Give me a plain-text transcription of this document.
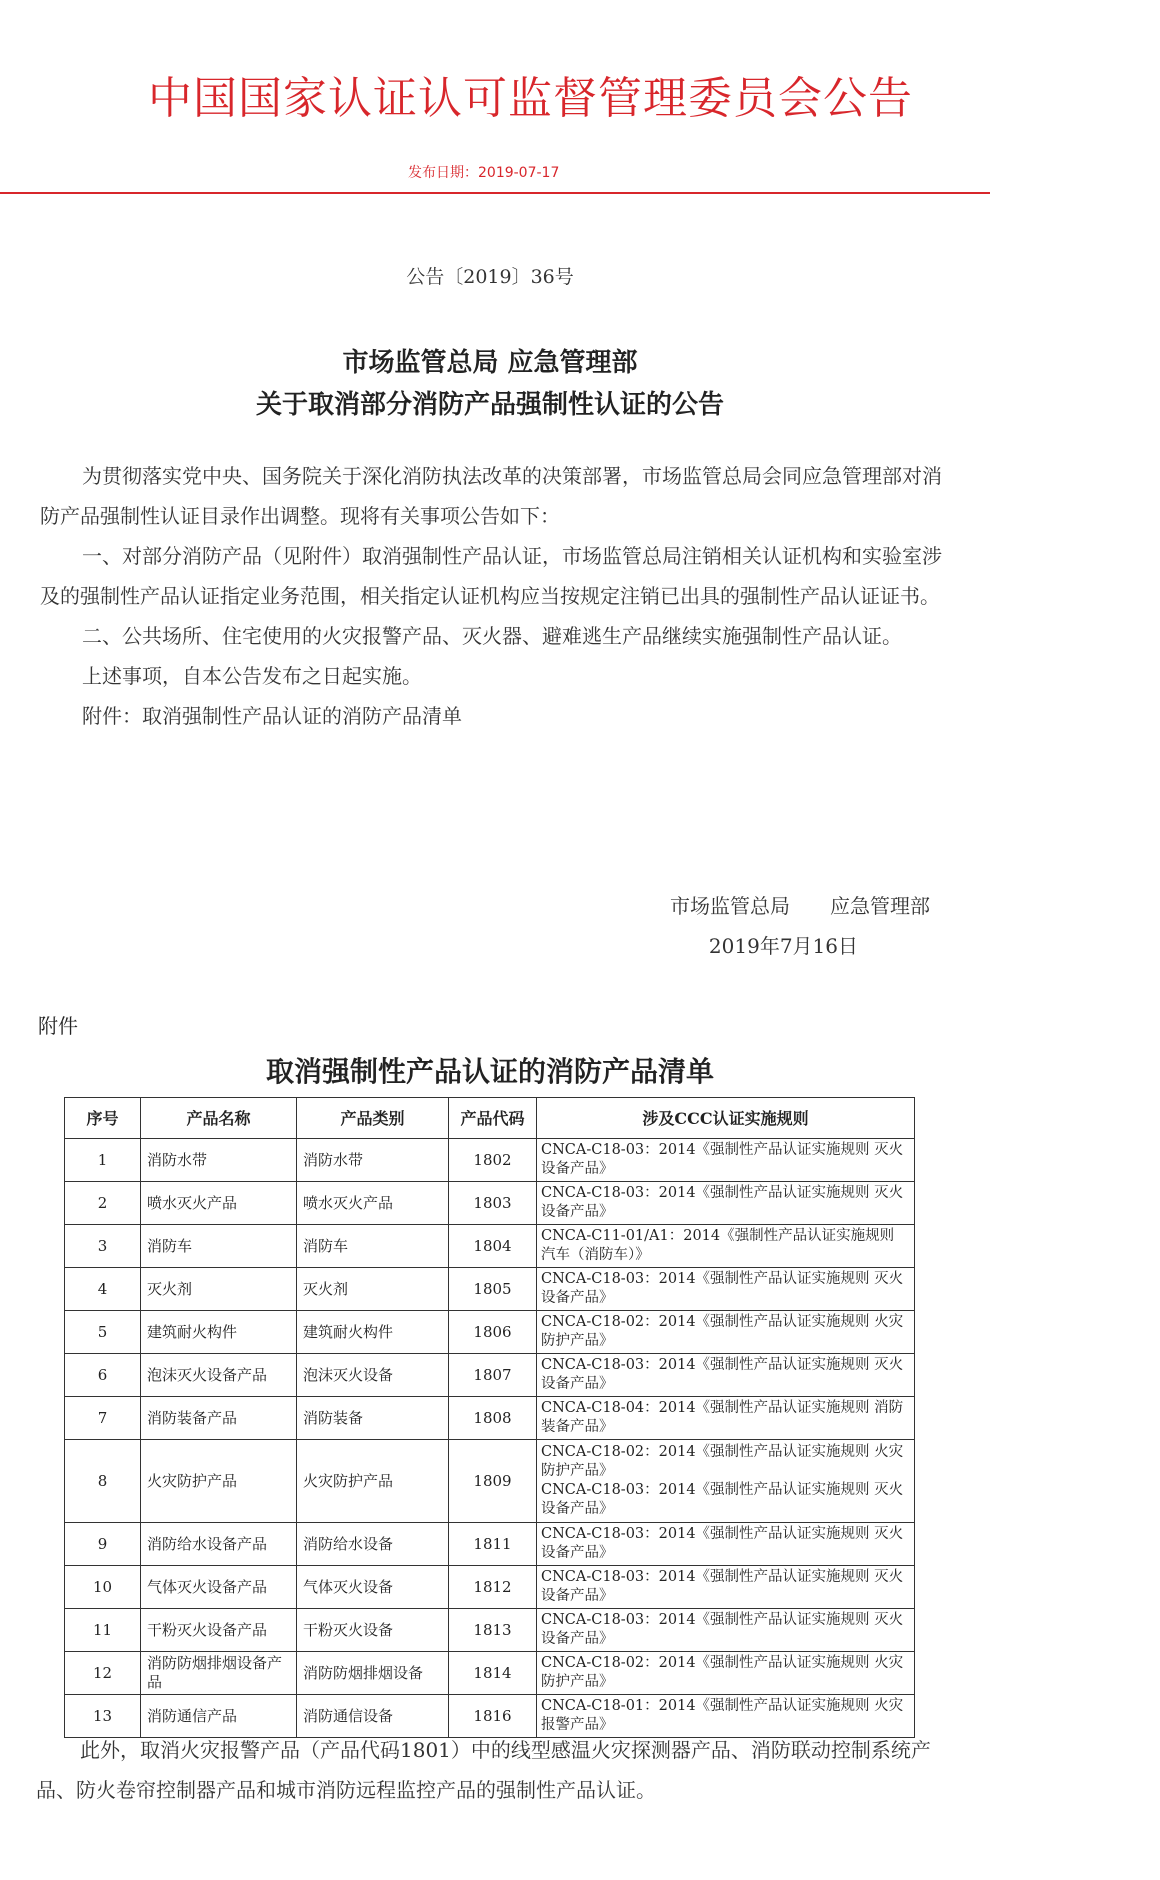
中国国家认证认可监督管理委员会公告
发布日期：2019-07-17
公告〔2019〕36号
市场监管总局 应急管理部
关于取消部分消防产品强制性认证的公告

为贯彻落实党中央、国务院关于深化消防执法改革的决策部署，市场监管总局会同应急管理部对消防产品强制性认证目录作出调整。现将有关事项公告如下：

一、对部分消防产品（见附件）取消强制性产品认证，市场监管总局注销相关认证机构和实验室涉及的强制性产品认证指定业务范围，相关指定认证机构应当按规定注销已出具的强制性产品认证证书。

二、公共场所、住宅使用的火灾报警产品、灭火器、避难逃生产品继续实施强制性产品认证。

上述事项，自本公告发布之日起实施。

附件：取消强制性产品认证的消防产品清单

市场监管总局　　应急管理部
2019年7月16日
附件
取消强制性产品认证的消防产品清单
序号	产品名称	产品类别	产品代码	涉及CCC认证实施规则
1	消防水带	消防水带	1802	CNCA-C18-03：2014《强制性产品认证实施规则 灭火设备产品》

2	喷水灭火产品	喷水灭火产品	1803	CNCA-C18-03：2014《强制性产品认证实施规则 灭火设备产品》

3	消防车	消防车	1804	CNCA-C11-01/A1：2014《强制性产品认证实施规则 汽车（消防车）》

4	灭火剂	灭火剂	1805	CNCA-C18-03：2014《强制性产品认证实施规则 灭火设备产品》

5	建筑耐火构件	建筑耐火构件	1806	CNCA-C18-02：2014《强制性产品认证实施规则 火灾防护产品》

6	泡沫灭火设备产品	泡沫灭火设备	1807	CNCA-C18-03：2014《强制性产品认证实施规则 灭火设备产品》

7	消防装备产品	消防装备	1808	CNCA-C18-04：2014《强制性产品认证实施规则 消防装备产品》

8	火灾防护产品	火灾防护产品	1809	CNCA-C18-02：2014《强制性产品认证实施规则 火灾防护产品》
CNCA-C18-03：2014《强制性产品认证实施规则 灭火设备产品》

9	消防给水设备产品	消防给水设备	1811	CNCA-C18-03：2014《强制性产品认证实施规则 灭火设备产品》

10	气体灭火设备产品	气体灭火设备	1812	CNCA-C18-03：2014《强制性产品认证实施规则 灭火设备产品》

11	干粉灭火设备产品	干粉灭火设备	1813	CNCA-C18-03：2014《强制性产品认证实施规则 灭火设备产品》

12	消防防烟排烟设备产品	消防防烟排烟设备	1814	CNCA-C18-02：2014《强制性产品认证实施规则 火灾防护产品》

13	消防通信产品	消防通信设备	1816	CNCA-C18-01：2014《强制性产品认证实施规则 火灾报警产品》
此外，取消火灾报警产品（产品代码1801）中的线型感温火灾探测器产品、消防联动控制系统产品、防火卷帘控制器产品和城市消防远程监控产品的强制性产品认证。
